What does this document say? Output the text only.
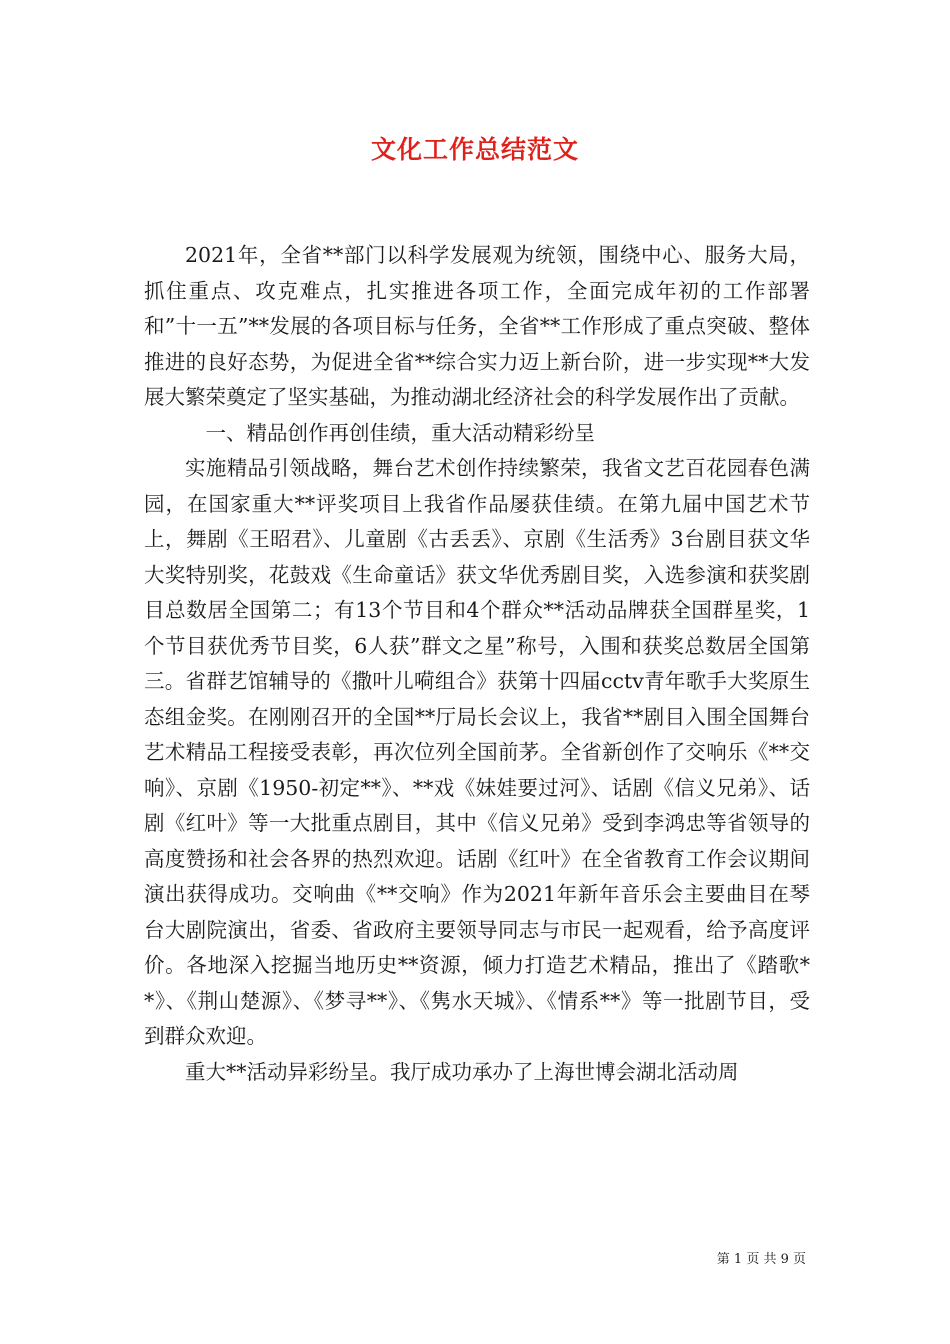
文化工作总结范文

2021年，全省**部门以科学发展观为统领，围绕中心、服务大局，抓住重点、攻克难点，扎实推进各项工作，全面完成年初的工作部署和”十一五”**发展的各项目标与任务，全省**工作形成了重点突破、整体推进的良好态势，为促进全省**综合实力迈上新台阶，进一步实现**大发展大繁荣奠定了坚实基础，为推动湖北经济社会的科学发展作出了贡献。

一、精品创作再创佳绩，重大活动精彩纷呈

实施精品引领战略，舞台艺术创作持续繁荣，我省文艺百花园春色满园，在国家重大**评奖项目上我省作品屡获佳绩。在第九届中国艺术节上，舞剧《王昭君》、儿童剧《古丢丢》、京剧《生活秀》3台剧目获文华大奖特别奖，花鼓戏《生命童话》获文华优秀剧目奖，入选参演和获奖剧目总数居全国第二；有13个节目和4个群众**活动品牌获全国群星奖，1个节目获优秀节目奖，6人获”群文之星”称号，入围和获奖总数居全国第三。省群艺馆辅导的《撒叶儿嗬组合》获第十四届cctv青年歌手大奖原生态组金奖。在刚刚召开的全国**厅局长会议上，我省**剧目入围全国舞台艺术精品工程接受表彰，再次位列全国前茅。全省新创作了交响乐《**交响》、京剧《1950-初定**》、**戏《妹娃要过河》、话剧《信义兄弟》、话剧《红叶》等一大批重点剧目，其中《信义兄弟》受到李鸿忠等省领导的高度赞扬和社会各界的热烈欢迎。话剧《红叶》在全省教育工作会议期间演出获得成功。交响曲《**交响》作为2021年新年音乐会主要曲目在琴台大剧院演出，省委、省政府主要领导同志与市民一起观看，给予高度评价。各地深入挖掘当地历史**资源，倾力打造艺术精品，推出了《踏歌**》、《荆山楚源》、《梦寻**》、《隽水天城》、《情系**》等一批剧节目，受到群众欢迎。

重大**活动异彩纷呈。我厅成功承办了上海世博会湖北活动周

第 1 页 共 9 页
